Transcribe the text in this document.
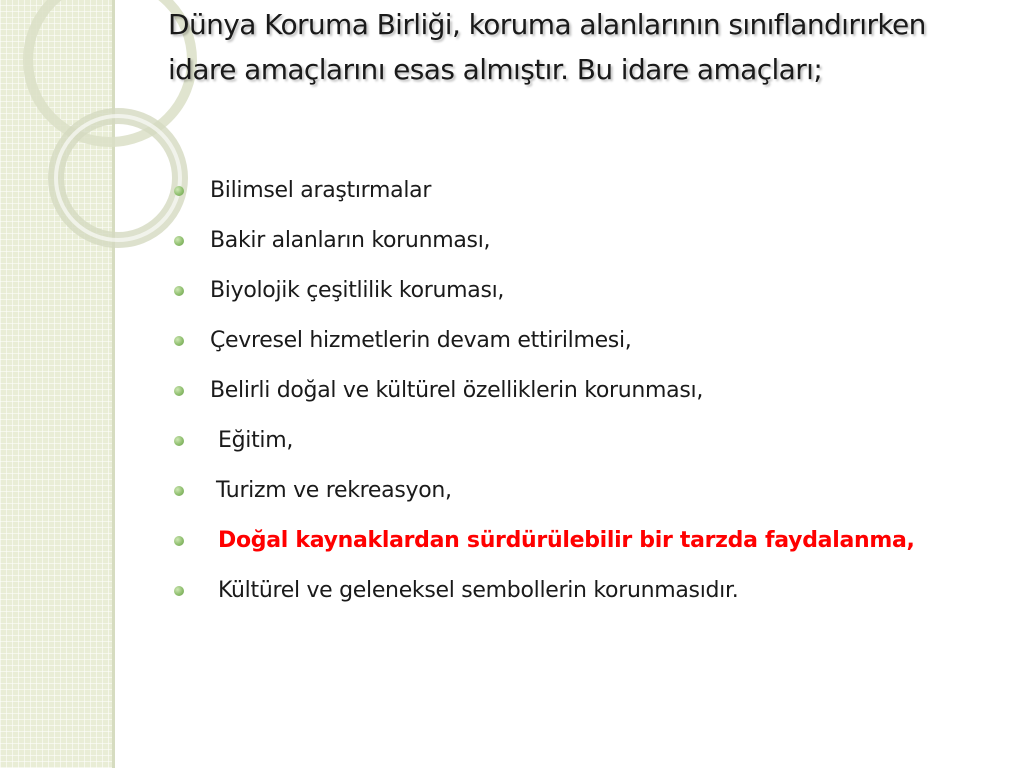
Dünya Koruma Birliği, koruma alanlarının sınıflandırırken idare amaçlarını esas almıştır. Bu idare amaçları;
Bilimsel araştırmalar
Bakir alanların korunması,
Biyolojik çeşitlilik koruması,
Çevresel hizmetlerin devam ettirilmesi,
Belirli doğal ve kültürel özelliklerin korunması,
Eğitim,
Turizm ve rekreasyon,
Doğal kaynaklardan sürdürülebilir bir tarzda faydalanma,
Kültürel ve geleneksel sembollerin korunmasıdır.
